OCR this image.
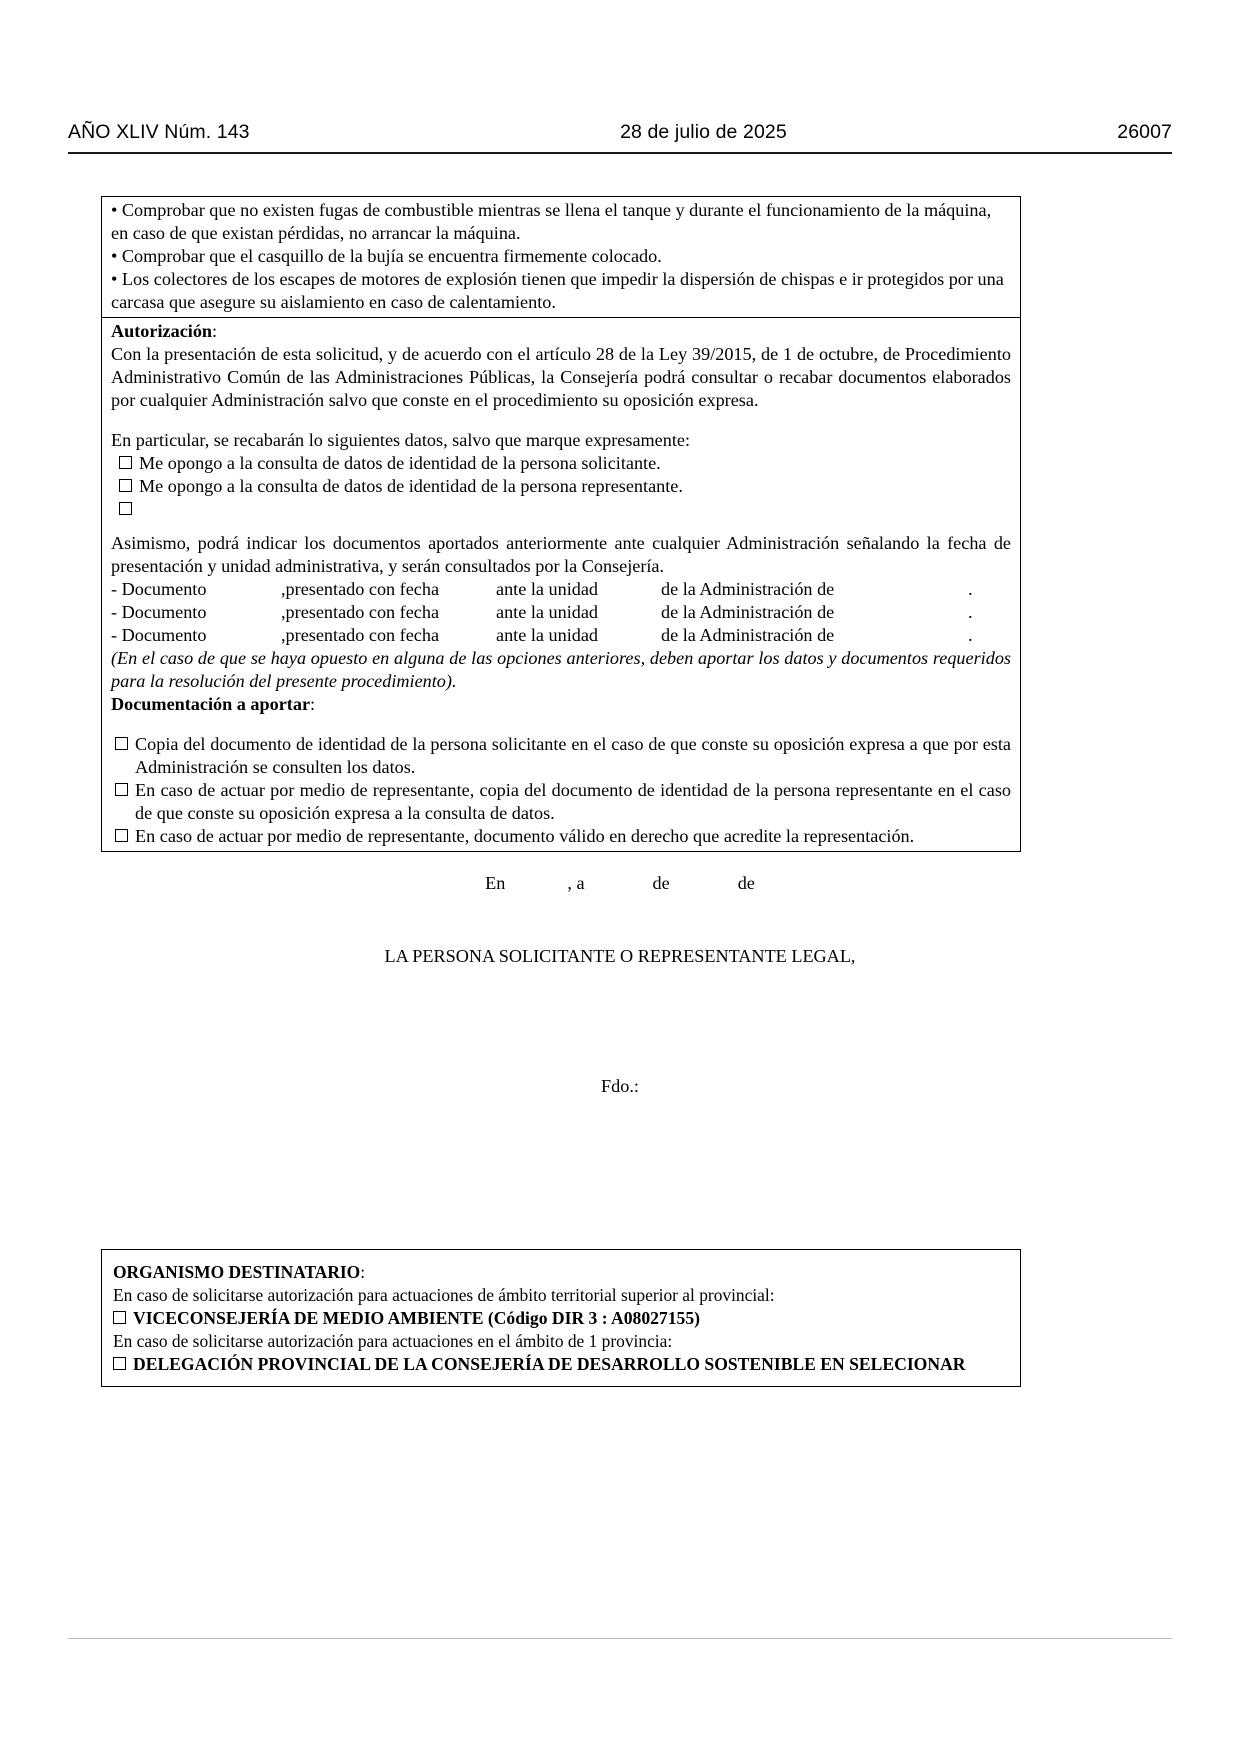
AÑO XLIV Núm. 143	28 de julio de 2025	26007

• Comprobar que no existen fugas de combustible mientras se llena el tanque y durante el funcionamiento de la máquina, en caso de que existan pérdidas, no arrancar la máquina.

• Comprobar que el casquillo de la bujía se encuentra firmemente colocado.

• Los colectores de los escapes de motores de explosión tienen que impedir la dispersión de chispas e ir protegidos por una carcasa que asegure su aislamiento en caso de calentamiento.

Autorización:

Con la presentación de esta solicitud, y de acuerdo con el artículo 28 de la Ley 39/2015, de 1 de octubre, de Procedimiento Administrativo Común de las Administraciones Públicas, la Consejería podrá consultar o recabar documentos elaborados por cualquier Administración salvo que conste en el procedimiento su oposición expresa.

En particular, se recabarán lo siguientes datos, salvo que marque expresamente:

Me opongo a la consulta de datos de identidad de la persona solicitante.
Me opongo a la consulta de datos de identidad de la persona representante.

Asimismo, podrá indicar los documentos aportados anteriormente ante cualquier Administración señalando la fecha de presentación y unidad administrativa, y serán consultados por la Consejería.

- Documento	,presentado con fecha	ante la unidad	de la Administración de	.
- Documento	,presentado con fecha	ante la unidad	de la Administración de	.
- Documento	,presentado con fecha	ante la unidad	de la Administración de	.

(En el caso de que se haya opuesto en alguna de las opciones anteriores, deben aportar los datos y documentos requeridos para la resolución del presente procedimiento).

Documentación a aportar:

Copia del documento de identidad de la persona solicitante en el caso de que conste su oposición expresa a que por esta Administración se consulten los datos.
En caso de actuar por medio de representante, copia del documento de identidad de la persona representante en el caso de que conste su oposición expresa a la consulta de datos.
En caso de actuar por medio de representante, documento válido en derecho que acredite la representación.
En	, a	de	de
LA PERSONA SOLICITANTE O REPRESENTANTE LEGAL,
Fdo.:

ORGANISMO DESTINATARIO:

En caso de solicitarse autorización para actuaciones de ámbito territorial superior al provincial:

VICECONSEJERÍA DE MEDIO AMBIENTE (Código DIR 3 : A08027155)

En caso de solicitarse autorización para actuaciones en el ámbito de 1 provincia:

DELEGACIÓN PROVINCIAL DE LA CONSEJERÍA DE DESARROLLO SOSTENIBLE EN SELECIONAR
